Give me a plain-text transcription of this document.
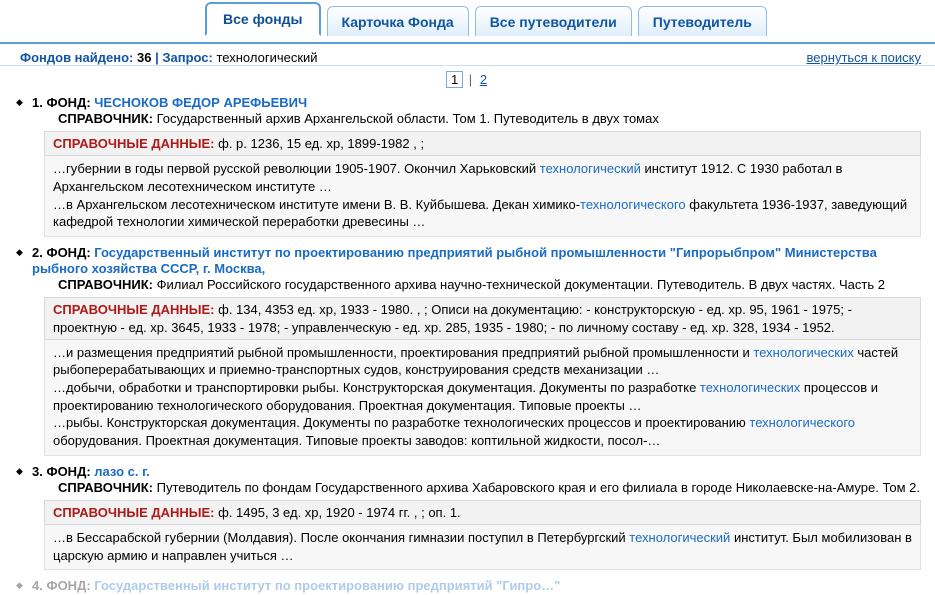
Все фонды	Карточка Фонда	Все путеводители	Путеводитель
Фондов найдено: 36 | Запрос: технологический	вернуться к поиску
1 | 2
◆ 1. ФОНД: ЧЕСНОКОВ ФЕДОР АРЕФЬЕВИЧ
СПРАВОЧНИК: Государственный архив Архангельской области. Том 1. Путеводитель в двух томах
СПРАВОЧНЫЕ ДАННЫЕ: ф. р. 1236, 15 ед. хр, 1899-1982 , ;

…губернии в годы первой русской революции 1905-1907. Окончил Харьковский технологический институт 1912. С 1930 работал в Архангельском лесотехническом институте …

…в Архангельском лесотехническом институте имени В. В. Куйбышева. Декан химико-технологического факультета 1936-1937, заведующий кафедрой технологии химической переработки древесины …

◆ 2. ФОНД: Государственный институт по проектированию предприятий рыбной промышленности "Гипрорыбпром" Министерства рыбного хозяйства СССР, г. Москва,
СПРАВОЧНИК: Филиал Российского государственного архива научно-технической документации. Путеводитель. В двух частях. Часть 2
СПРАВОЧНЫЕ ДАННЫЕ: ф. 134, 4353 ед. хр, 1933 - 1980. , ; Описи на документацию: - конструкторскую - ед. хр. 95, 1961 - 1975; - проектную - ед. хр. 3645, 1933 - 1978; - управленческую - ед. хр. 285, 1935 - 1980; - по личному составу - ед. хр. 328, 1934 - 1952.

…и размещения предприятий рыбной промышленности, проектирования предприятий рыбной промышленности и технологических частей рыбоперерабатывающих и приемно-транспортных судов, конструирования средств механизации …

…добычи, обработки и транспортировки рыбы. Конструкторская документация. Документы по разработке технологических процессов и проектированию технологического оборудования. Проектная документация. Типовые проекты …

…рыбы. Конструкторская документация. Документы по разработке технологических процессов и проектированию технологического оборудования. Проектная документация. Типовые проекты заводов: коптильной жидкости, посол-…

◆ 3. ФОНД: лазо с. г.
СПРАВОЧНИК: Путеводитель по фондам Государственного архива Хабаровского края и его филиала в городе Николаевске-на-Амуре. Том 2.
СПРАВОЧНЫЕ ДАННЫЕ: ф. 1495, 3 ед. хр, 1920 - 1974 гг. , ; оп. 1.

…в Бессарабской губернии (Молдавия). После окончания гимназии поступил в Петербургский технологический институт. Был мобилизован в царскую армию и направлен учиться …

◆ 4. ФОНД: Государственный институт по проектированию предприятий "Гипро…"
